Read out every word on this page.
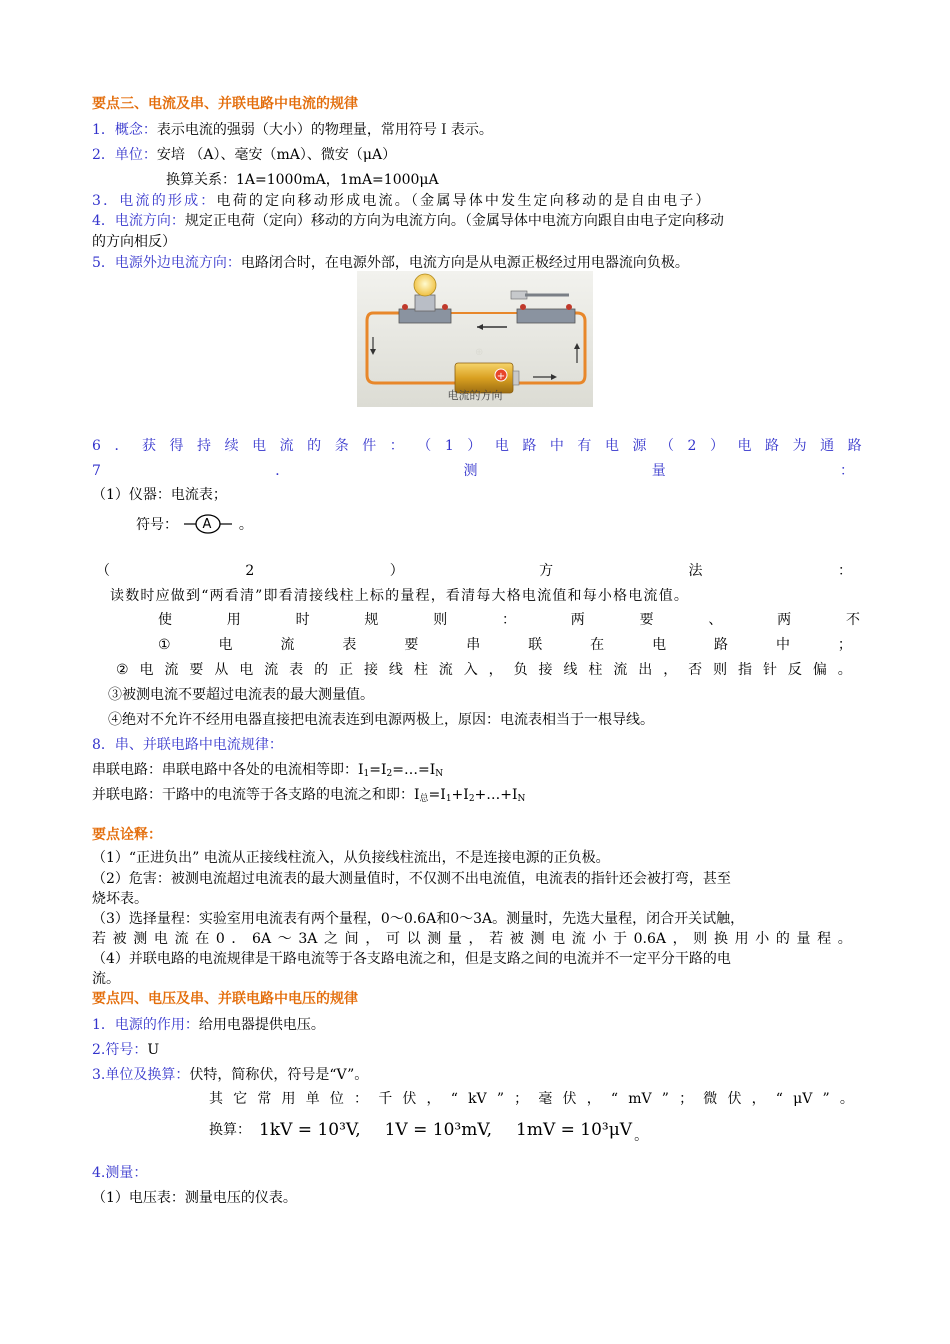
要点三、电流及串、并联电路中电流的规律
1．概念：表示电流的强弱（大小）的物理量，常用符号Ｉ表示。
2．单位：安培 （A）、毫安（mA）、微安（μA）
换算关系：1A=1000mA，1mA=1000μA
3．电流的形成：电荷的定向移动形成电流。（金属导体中发生定向移动的是自由电子）
4．电流方向：规定正电荷（定向）移动的方向为电流方向。（金属导体中电流方向跟自由电子定向移动
的方向相反）
5．电源外边电流方向：电路闭合时，在电源外部，电流方向是从电源正极经过用电器流向负极。
+
⊕
电流的方向
6 ． 获 得 持 续 电 流 的 条 件 ： （ 1 ） 电 路 中 有 电 源 （ 2 ） 电 路 为 通 路
7	．	测	量	：
（1）仪器：电流表；
符号： A 。
（	2	）	方	法	：
读数时应做到“两看清”即看清接线柱上标的量程，看清每大格电流值和每小格电流值。
使	用	时	规	则	：	两	要	、	两	不
①	电	流	表	要	串	联	在	电	路	中	；
② 电 流 要 从 电 流 表 的 正 接 线 柱 流 入 ， 负 接 线 柱 流 出 ， 否 则 指 针 反 偏 。
③被测电流不要超过电流表的最大测量值。
④绝对不允许不经用电器直接把电流表连到电源两极上，原因：电流表相当于一根导线。
8．串、并联电路中电流规律：
串联电路：串联电路中各处的电流相等即：$I_1=I_2=\dots=I_N$
并联电路：干路中的电流等于各支路的电流之和即：$I_总=I_1+I_2+\dots+I_N$
要点诠释：
（1）“正进负出” 电流从正接线柱流入，从负接线柱流出，不是连接电源的正负极。
（2）危害：被测电流超过电流表的最大测量值时，不仅测不出电流值，电流表的指针还会被打弯，甚至
烧坏表。
（3）选择量程：实验室用电流表有两个量程，0～0.6A和0～3A。测量时，先选大量程，闭合开关试触，
若 被 测 电 流 在 0 ． 6A ～ 3A 之 间 ， 可 以 测 量 ， 若 被 测 电 流 小 于 0.6A ， 则 换 用 小 的 量 程 。
（4）并联电路的电流规律是干路电流等于各支路电流之和，但是支路之间的电流并不一定平分干路的电
流。
要点四、电压及串、并联电路中电压的规律
1．电源的作用：给用电器提供电压。
2.符号：U
3.单位及换算：伏特，简称伏，符号是“V”。
其 它 常 用 单 位 ： 千 伏 ， “ kV ” ； 毫 伏 ， “ mV ” ； 微 伏 ， “ μV ” 。
换算： 1kV = 10³V, 1V = 10³mV, 1mV = 10³μV 。
4.测量：
（1）电压表：测量电压的仪表。
